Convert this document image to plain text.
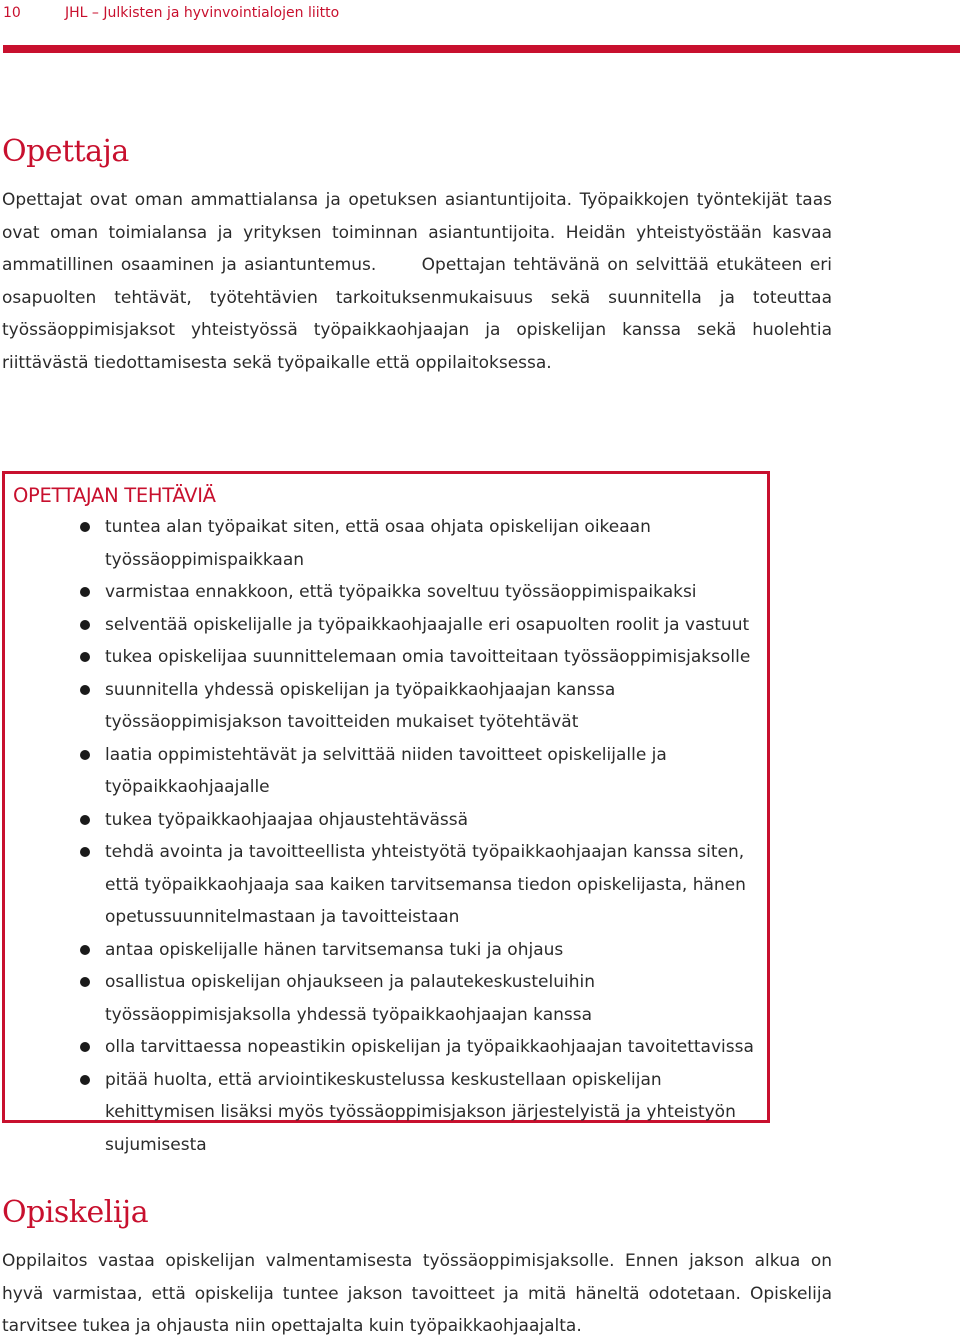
10	JHL – Julkisten ja hyvinvointialojen liitto
Opettaja
Opettajat ovat oman ammattialansa ja opetuksen asiantuntijoita. Työpaikkojen työntekijät taas ovat oman toimialansa ja yrityksen toiminnan asiantuntijoita. Heidän yhteistyöstään kasvaa ammatillinen osaaminen ja asiantuntemus.	Opettajan tehtävänä on selvittää etukäteen eri osapuolten tehtävät, työtehtävien tarkoituksenmukaisuus sekä suunnitella ja toteuttaa työssäoppimisjaksot yhteistyössä työpaikkaohjaajan ja opiskelijan kanssa sekä huolehtia riittävästä tiedottamisesta sekä työpaikalle että oppilaitoksessa.
OPETTAJAN TEHTÄVIÄ
tuntea alan työpaikat siten, että osaa ohjata opiskelijan oikeaan työssäoppimispaikkaan
varmistaa ennakkoon, että työpaikka soveltuu työssäoppimispaikaksi
selventää opiskelijalle ja työpaikkaohjaajalle eri osapuolten roolit ja vastuut
tukea opiskelijaa suunnittelemaan omia tavoitteitaan työssäoppimisjaksolle
suunnitella yhdessä opiskelijan ja työpaikkaohjaajan kanssa työssäoppimisjakson tavoitteiden mukaiset työtehtävät
laatia oppimistehtävät ja selvittää niiden tavoitteet opiskelijalle ja työpaikkaohjaajalle
tukea työpaikkaohjaajaa ohjaustehtävässä
tehdä avointa ja tavoitteellista yhteistyötä työpaikkaohjaajan kanssa siten, että työpaikkaohjaaja saa kaiken tarvitsemansa tiedon opiskelijasta, hänen opetussuunnitelmastaan ja tavoitteistaan
antaa opiskelijalle hänen tarvitsemansa tuki ja ohjaus
osallistua opiskelijan ohjaukseen ja palautekeskusteluihin työssäoppimisjaksolla yhdessä työpaikkaohjaajan kanssa
olla tarvittaessa nopeastikin opiskelijan ja työpaikkaohjaajan tavoitettavissa
pitää huolta, että arviointikeskustelussa keskustellaan opiskelijan kehittymisen lisäksi myös työssäoppimisjakson järjestelyistä ja yhteistyön sujumisesta
Opiskelija
Oppilaitos vastaa opiskelijan valmentamisesta työssäoppimisjaksolle. Ennen jakson alkua on hyvä varmistaa, että opiskelija tuntee jakson tavoitteet ja mitä häneltä odotetaan. Opiskelija tarvitsee tukea ja ohjausta niin opettajalta kuin työpaikkaohjaajalta.
